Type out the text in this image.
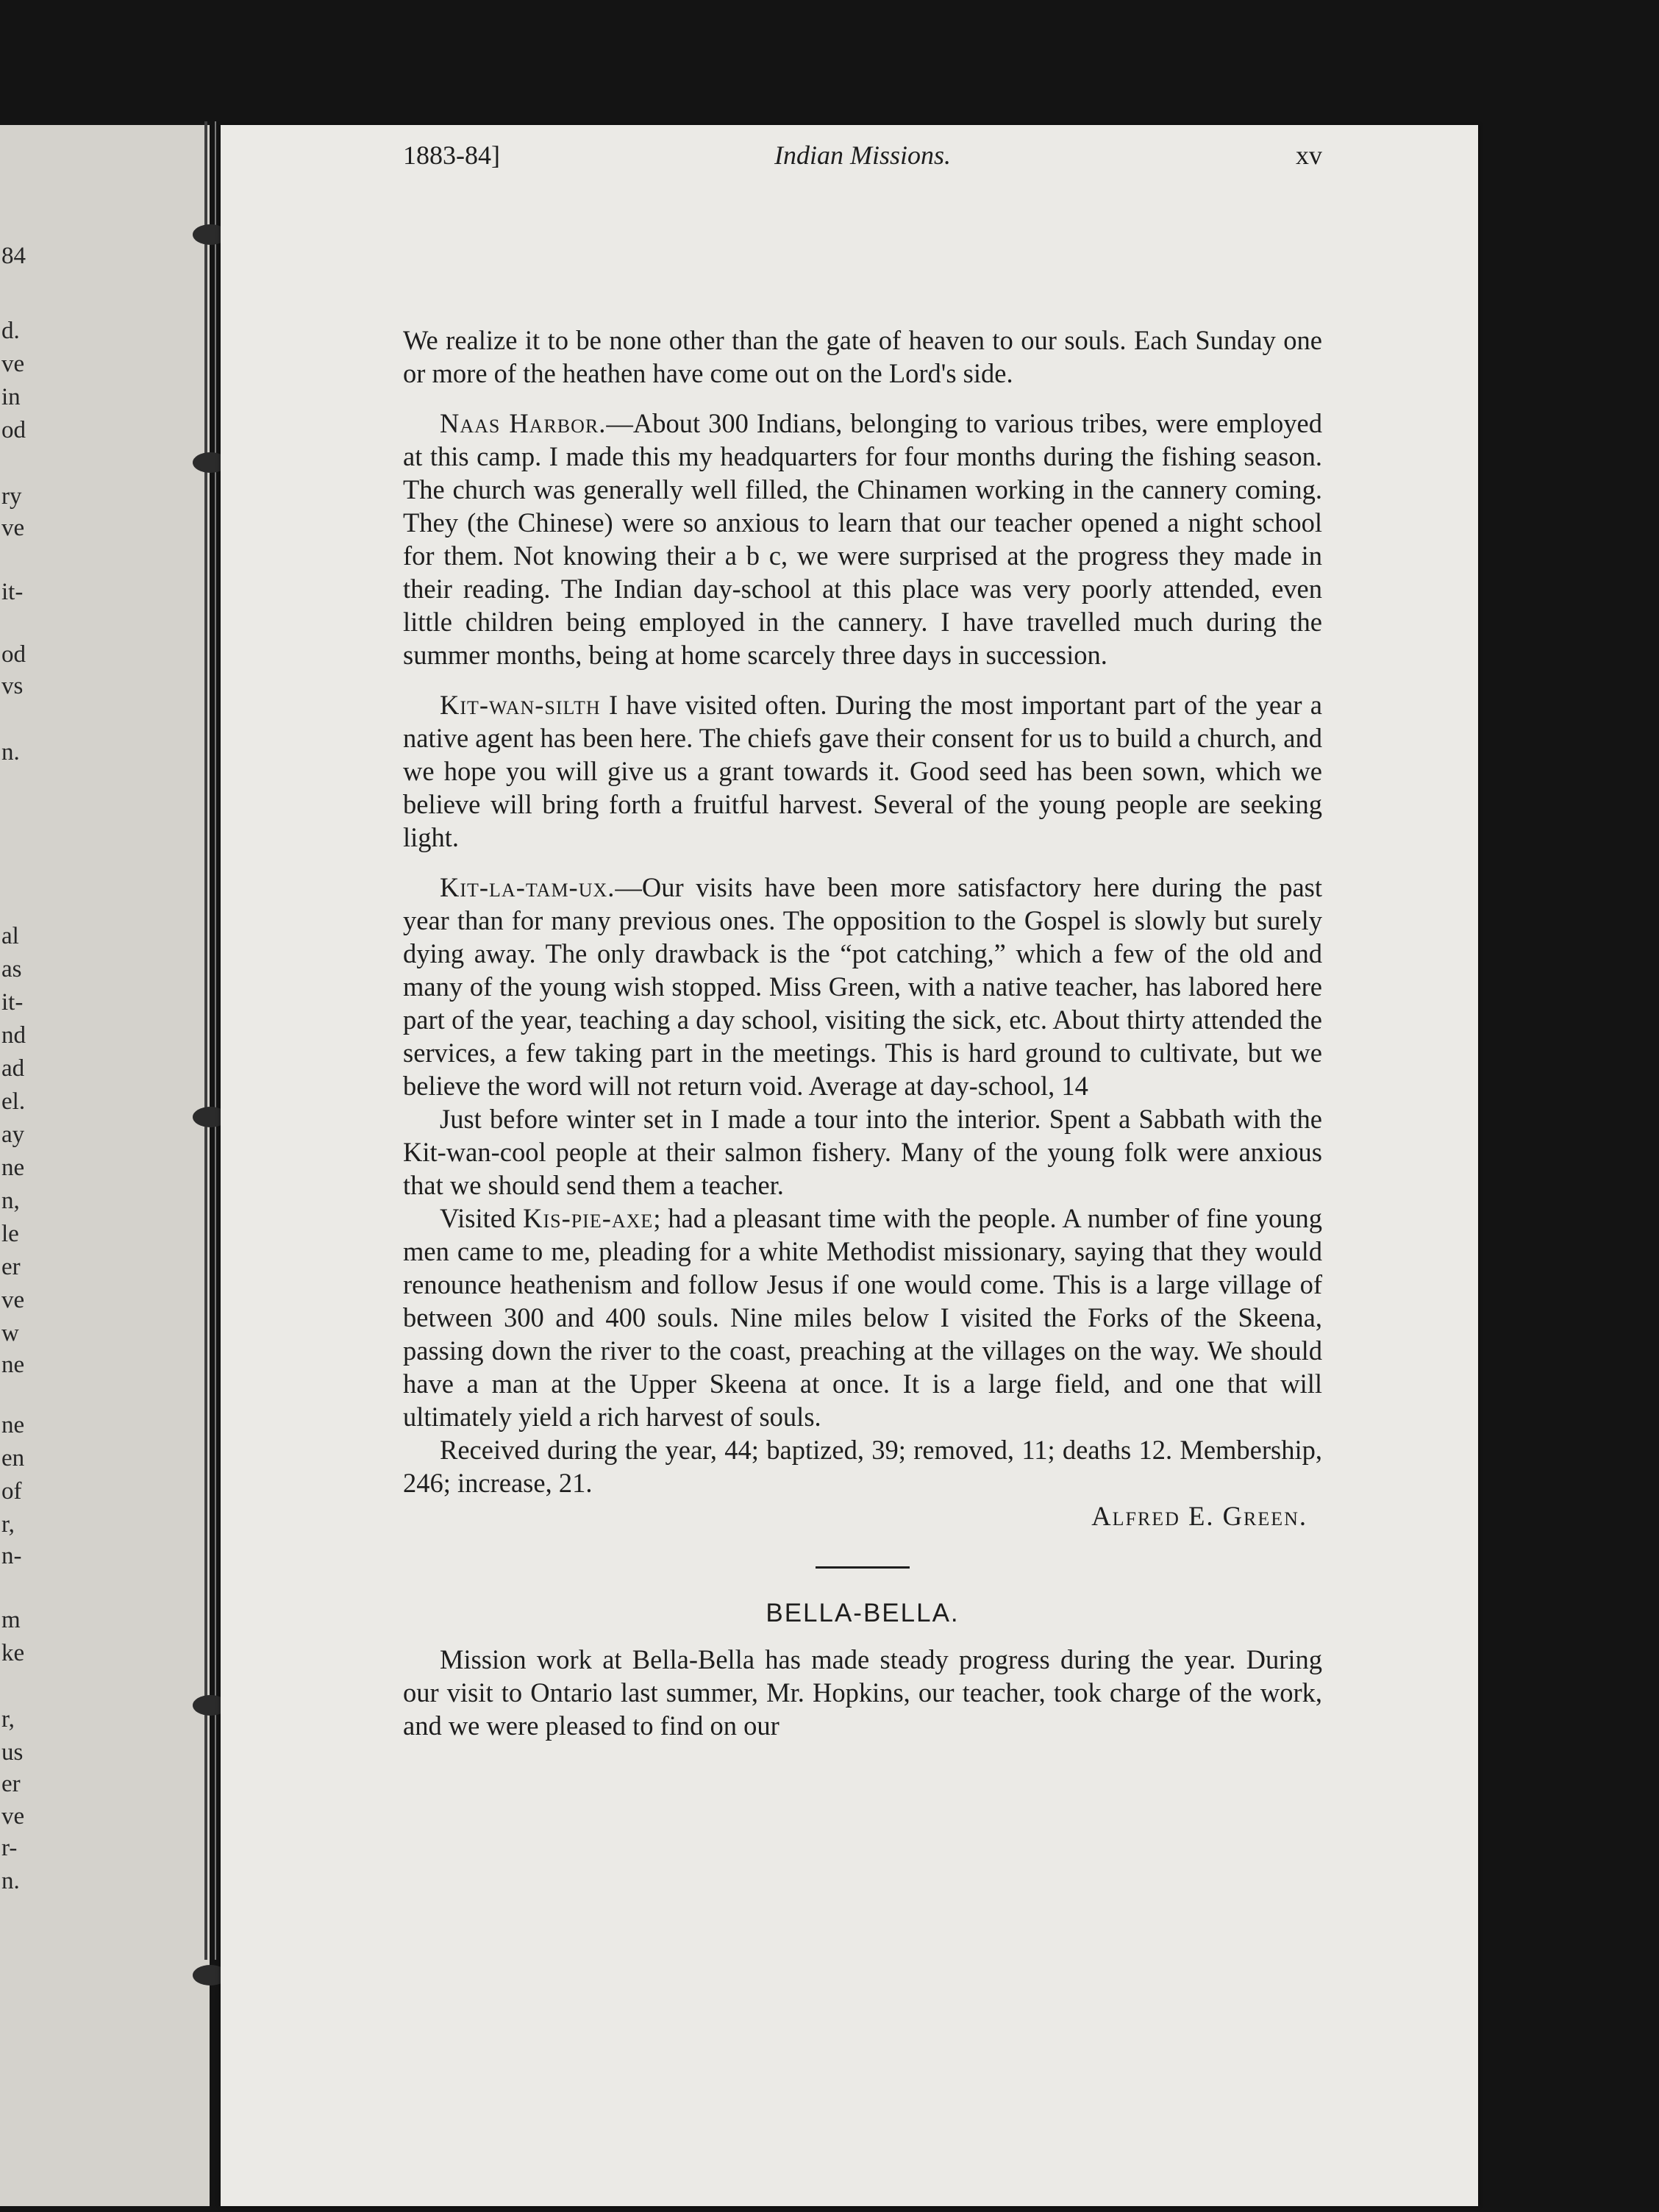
84
d.
ve
in
od
ry
ve
it-
od
vs
n.
al
as
it-
nd
ad
el.
ay
ne
n,
le
er
ve
w
ne
ne
en
of
r,
n-
m
ke
r,
us
er
ve
r-
n.
1883-84]	Indian Missions.	xv

We realize it to be none other than the gate of heaven to our souls. Each Sunday one or more of the heathen have come out on the Lord's side.

Naas Harbor.—About 300 Indians, belonging to various tribes, were employed at this camp. I made this my headquarters for four months during the fishing season. The church was generally well filled, the Chinamen working in the cannery coming. They (the Chinese) were so anxious to learn that our teacher opened a night school for them. Not knowing their a b c, we were surprised at the progress they made in their reading. The Indian day-school at this place was very poorly attended, even little children being employed in the cannery. I have travelled much during the summer months, being at home scarcely three days in succession.

Kit-wan-silth I have visited often. During the most important part of the year a native agent has been here. The chiefs gave their consent for us to build a church, and we hope you will give us a grant towards it. Good seed has been sown, which we believe will bring forth a fruitful harvest. Several of the young people are seeking light.

Kit-la-tam-ux.—Our visits have been more satisfactory here during the past year than for many previous ones. The opposition to the Gospel is slowly but surely dying away. The only drawback is the “pot catching,” which a few of the old and many of the young wish stopped. Miss Green, with a native teacher, has labored here part of the year, teaching a day school, visiting the sick, etc. About thirty attended the services, a few taking part in the meetings. This is hard ground to cultivate, but we believe the word will not return void. Average at day-school, 14

Just before winter set in I made a tour into the interior. Spent a Sabbath with the Kit-wan-cool people at their salmon fishery. Many of the young folk were anxious that we should send them a teacher.

Visited Kis-pie-axe; had a pleasant time with the people. A number of fine young men came to me, pleading for a white Methodist missionary, saying that they would renounce heathenism and follow Jesus if one would come. This is a large village of between 300 and 400 souls. Nine miles below I visited the Forks of the Skeena, passing down the river to the coast, preaching at the villages on the way. We should have a man at the Upper Skeena at once. It is a large field, and one that will ultimately yield a rich harvest of souls.

Received during the year, 44; baptized, 39; removed, 11; deaths 12. Membership, 246; increase, 21.

Alfred E. Green.

BELLA-BELLA.

Mission work at Bella-Bella has made steady progress during the year. During our visit to Ontario last summer, Mr. Hopkins, our teacher, took charge of the work, and we were pleased to find on our
